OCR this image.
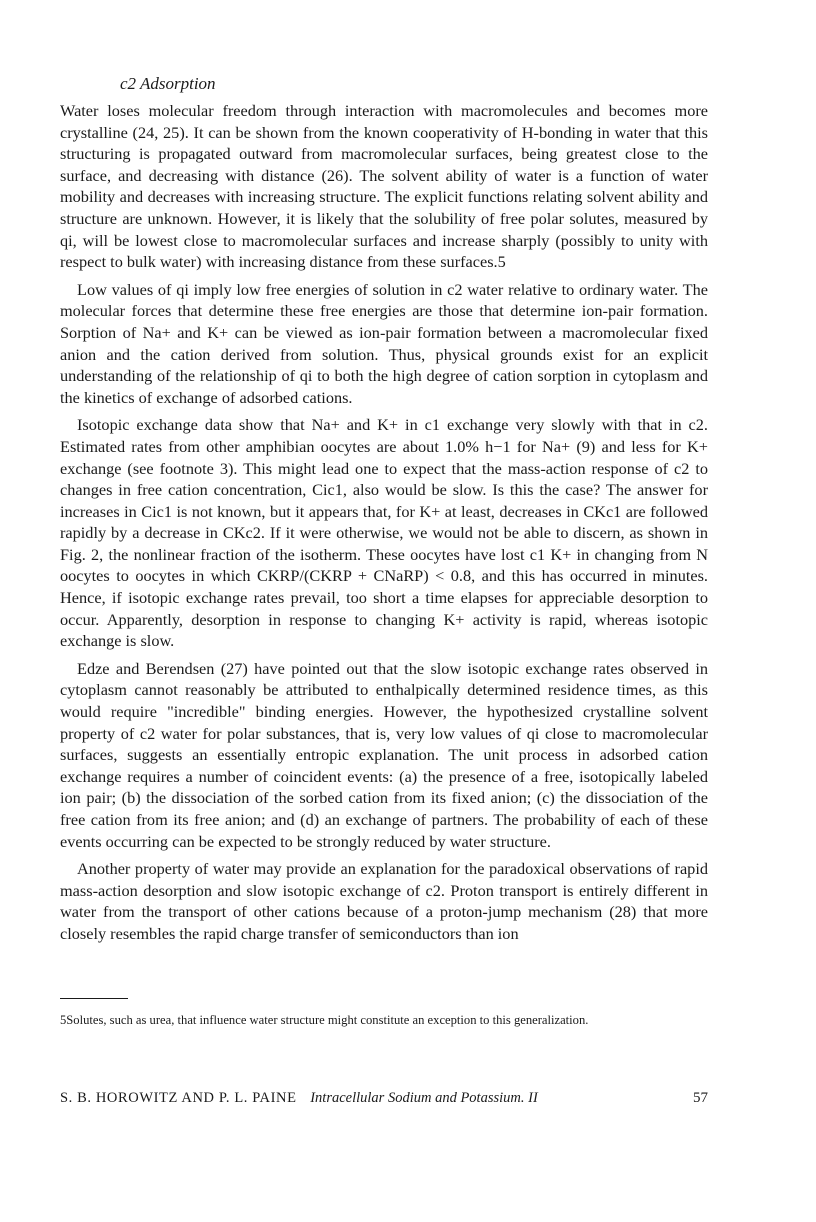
c2 Adsorption

Water loses molecular freedom through interaction with macromolecules and becomes more crystalline (24, 25). It can be shown from the known cooperativity of H-bonding in water that this structuring is propagated outward from macromolecular surfaces, being greatest close to the surface, and decreasing with distance (26). The solvent ability of water is a function of water mobility and decreases with increasing structure. The explicit functions relating solvent ability and structure are unknown. However, it is likely that the solubility of free polar solutes, measured by qi, will be lowest close to macromolecular surfaces and increase sharply (possibly to unity with respect to bulk water) with increasing distance from these surfaces.5

Low values of qi imply low free energies of solution in c2 water relative to ordinary water. The molecular forces that determine these free energies are those that determine ion-pair formation. Sorption of Na+ and K+ can be viewed as ion-pair formation between a macromolecular fixed anion and the cation derived from solution. Thus, physical grounds exist for an explicit understanding of the relationship of qi to both the high degree of cation sorption in cytoplasm and the kinetics of exchange of adsorbed cations.

Isotopic exchange data show that Na+ and K+ in c1 exchange very slowly with that in c2. Estimated rates from other amphibian oocytes are about 1.0% h−1 for Na+ (9) and less for K+ exchange (see footnote 3). This might lead one to expect that the mass-action response of c2 to changes in free cation concentration, Cic1, also would be slow. Is this the case? The answer for increases in Cic1 is not known, but it appears that, for K+ at least, decreases in CKc1 are followed rapidly by a decrease in CKc2. If it were otherwise, we would not be able to discern, as shown in Fig. 2, the nonlinear fraction of the isotherm. These oocytes have lost c1 K+ in changing from N oocytes to oocytes in which CKRP/(CKRP + CNaRP) < 0.8, and this has occurred in minutes. Hence, if isotopic exchange rates prevail, too short a time elapses for appreciable desorption to occur. Apparently, desorption in response to changing K+ activity is rapid, whereas isotopic exchange is slow.

Edze and Berendsen (27) have pointed out that the slow isotopic exchange rates observed in cytoplasm cannot reasonably be attributed to enthalpically determined residence times, as this would require "incredible" binding energies. However, the hypothesized crystalline solvent property of c2 water for polar substances, that is, very low values of qi close to macromolecular surfaces, suggests an essentially entropic explanation. The unit process in adsorbed cation exchange requires a number of coincident events: (a) the presence of a free, isotopically labeled ion pair; (b) the dissociation of the sorbed cation from its fixed anion; (c) the dissociation of the free cation from its free anion; and (d) an exchange of partners. The probability of each of these events occurring can be expected to be strongly reduced by water structure.

Another property of water may provide an explanation for the paradoxical observations of rapid mass-action desorption and slow isotopic exchange of c2. Proton transport is entirely different in water from the transport of other cations because of a proton-jump mechanism (28) that more closely resembles the rapid charge transfer of semiconductors than ion

5Solutes, such as urea, that influence water structure might constitute an exception to this generalization.
S. B. HOROWITZ AND P. L. PAINE Intracellular Sodium and Potassium. II	57
